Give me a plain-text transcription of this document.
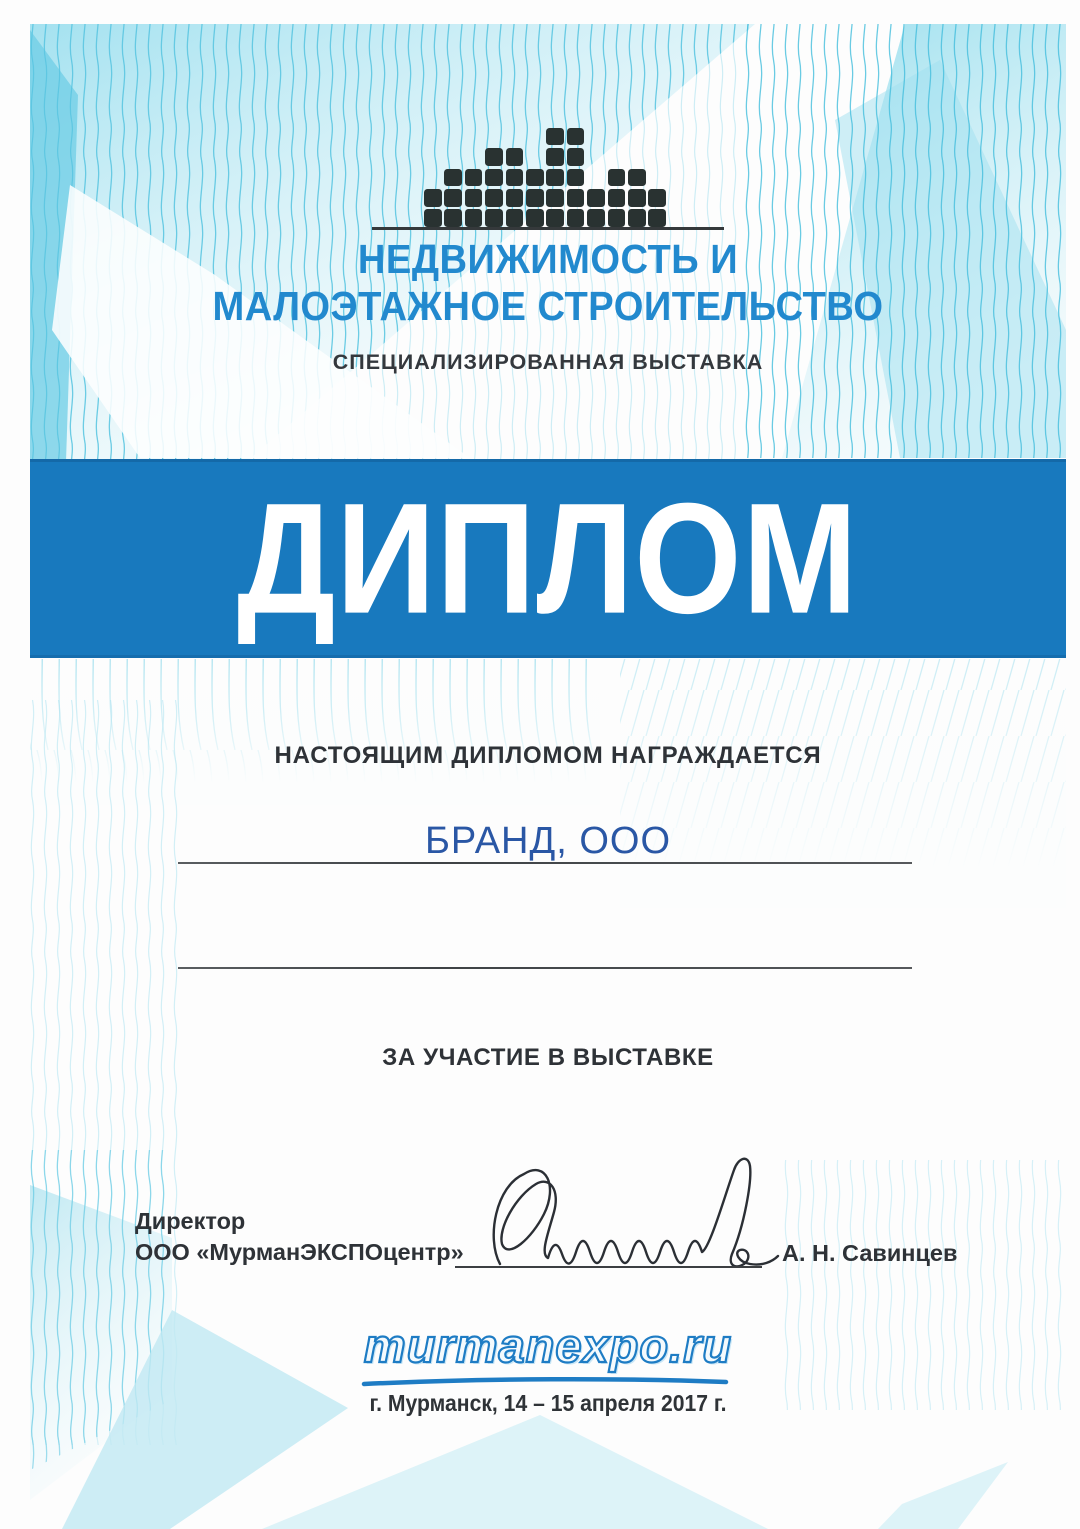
НЕДВИЖИМОСТЬ И
МАЛОЭТАЖНОЕ СТРОИТЕЛЬСТВО
СПЕЦИАЛИЗИРОВАННАЯ ВЫСТАВКА
ДИПЛОМ
НАСТОЯЩИМ ДИПЛОМОМ НАГРАЖДАЕТСЯ
БРАНД, ООО
ЗА УЧАСТИЕ В ВЫСТАВКЕ
Директор
ООО «МурманЭКСПОцентр»	А. Н. Савинцев
murmanexpo.ru
г. Мурманск, 14 – 15 апреля 2017 г.
